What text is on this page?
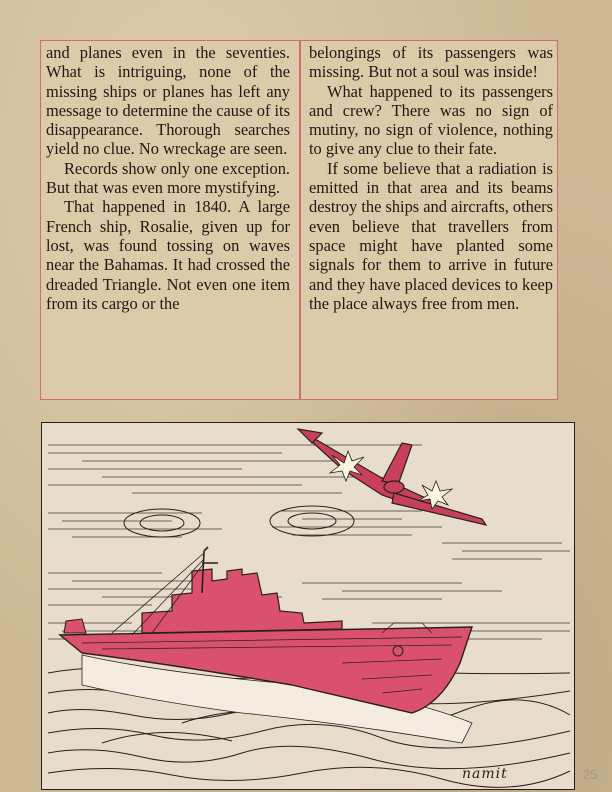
and planes even in the seventies. What is intriguing, none of the missing ships or planes has left any message to determine the cause of its disappearance. Thorough searches yield no clue. No wreckage are seen.

Records show only one exception. But that was even more mystifying.

That happened in 1840. A large French ship, Rosalie, given up for lost, was found tossing on waves near the Bahamas. It had crossed the dreaded Triangle. Not even one item from its cargo or the

belongings of its passengers was missing. But not a soul was inside!

What happened to its passengers and crew? There was no sign of mutiny, no sign of violence, nothing to give any clue to their fate.

If some believe that a radiation is emitted in that area and its beams destroy the ships and aircrafts, others even believe that travellers from space might have planted some signals for them to arrive in future and they have placed devices to keep the place always free from men.

namit	25
